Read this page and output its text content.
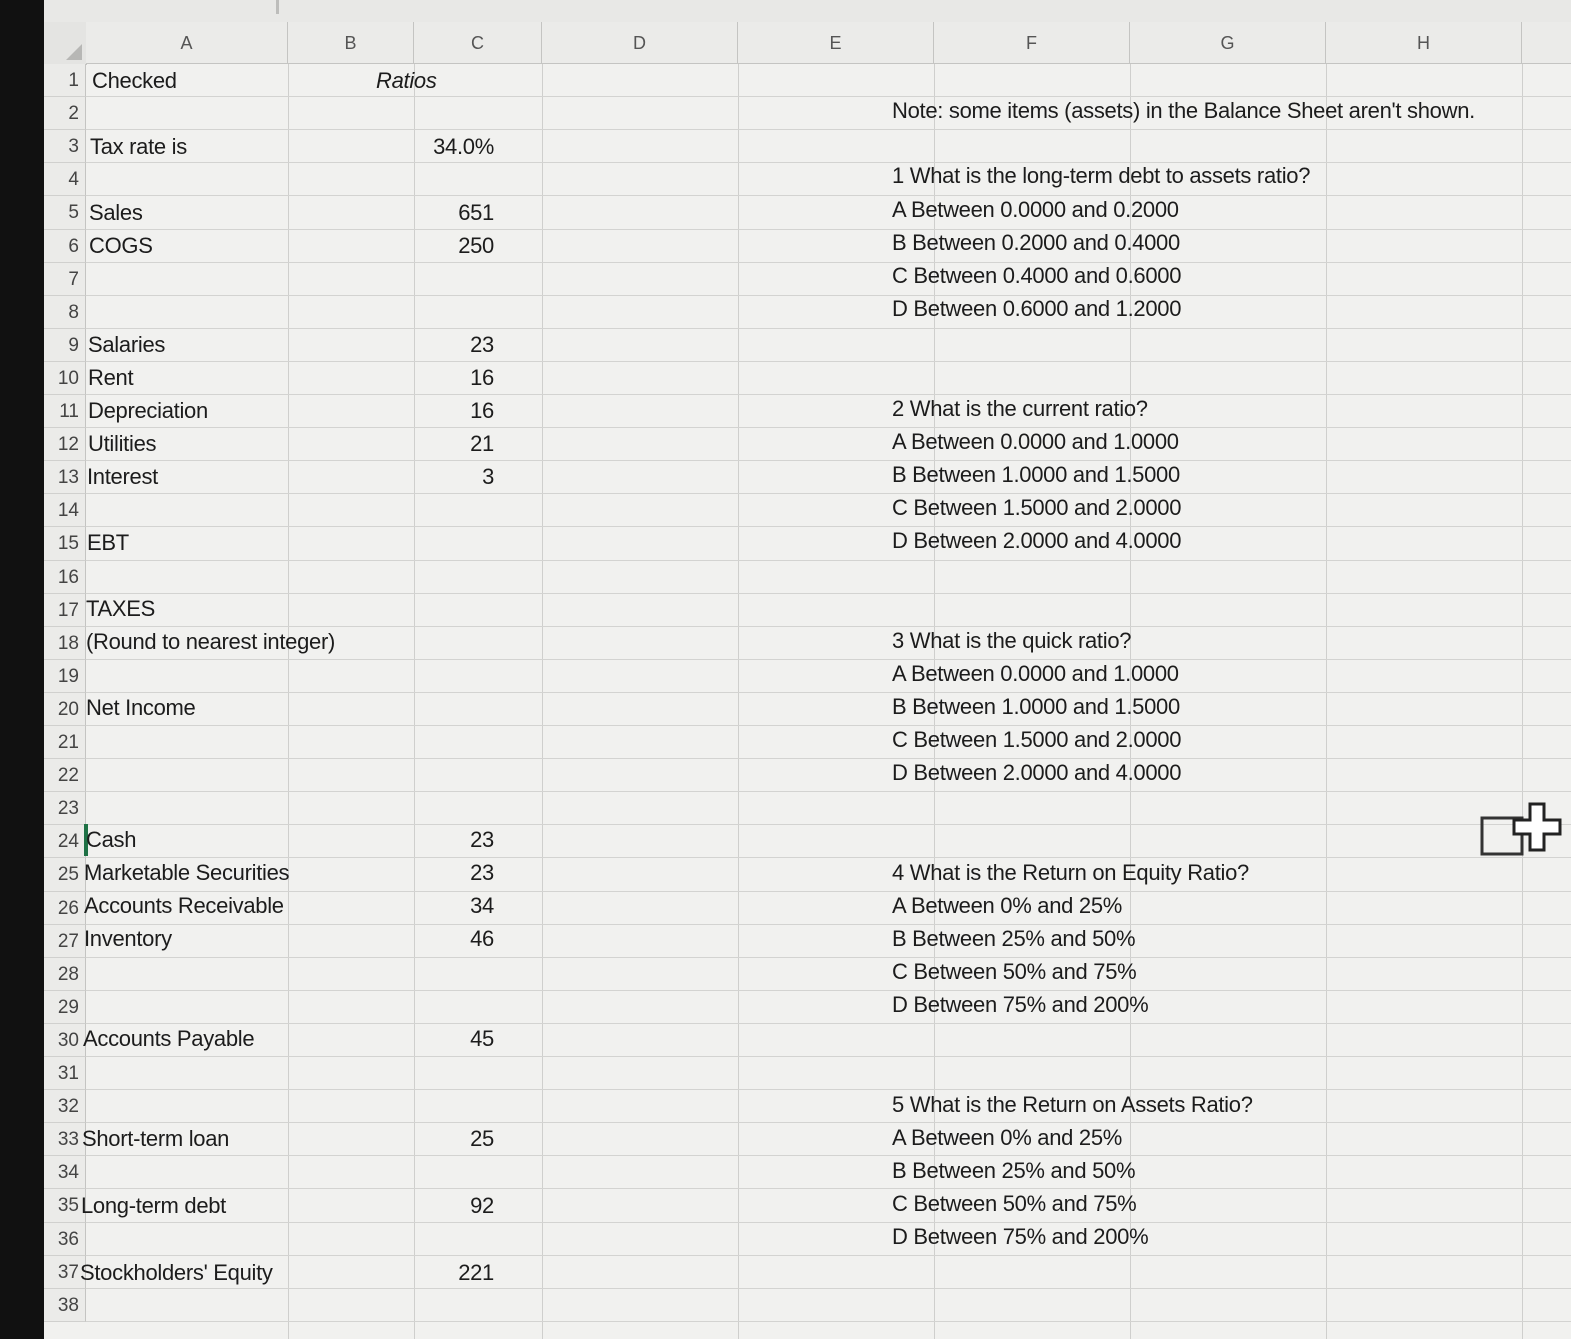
A	B	C	D	E	F	G	H
1
2
3
4
5
6
7
8
9
10
11
12
13
14
15
16
17
18
19
20
21
22
23
24
25
26
27
28
29
30
31
32
33
34
35
36
37
38
Checked	Ratios
Tax rate is	34.0%
Sales	651
COGS	250
Salaries	23
Rent	16
Depreciation	16
Utilities	21
Interest	3
EBT
TAXES
(Round to nearest integer)
Net Income
Cash	23
Marketable Securities	23
Accounts Receivable	34
Inventory	46
Accounts Payable	45
Short-term loan	25
Long-term debt	92
Stockholders' Equity	221
Note: some items (assets) in the Balance Sheet aren't shown.
1 What is the long-term debt to assets ratio?
A Between 0.0000 and 0.2000
B Between 0.2000 and 0.4000
C Between 0.4000 and 0.6000
D Between 0.6000 and 1.2000
2 What is the current ratio?
A Between 0.0000 and 1.0000
B Between 1.0000 and 1.5000
C Between 1.5000 and 2.0000
D Between 2.0000 and 4.0000
3 What is the quick ratio?
A Between 0.0000 and 1.0000
B Between 1.0000 and 1.5000
C Between 1.5000 and 2.0000
D Between 2.0000 and 4.0000
4 What is the Return on Equity Ratio?
A Between 0% and 25%
B Between 25% and 50%
C Between 50% and 75%
D Between 75% and 200%
5 What is the Return on Assets Ratio?
A Between 0% and 25%
B Between 25% and 50%
C Between 50% and 75%
D Between 75% and 200%
